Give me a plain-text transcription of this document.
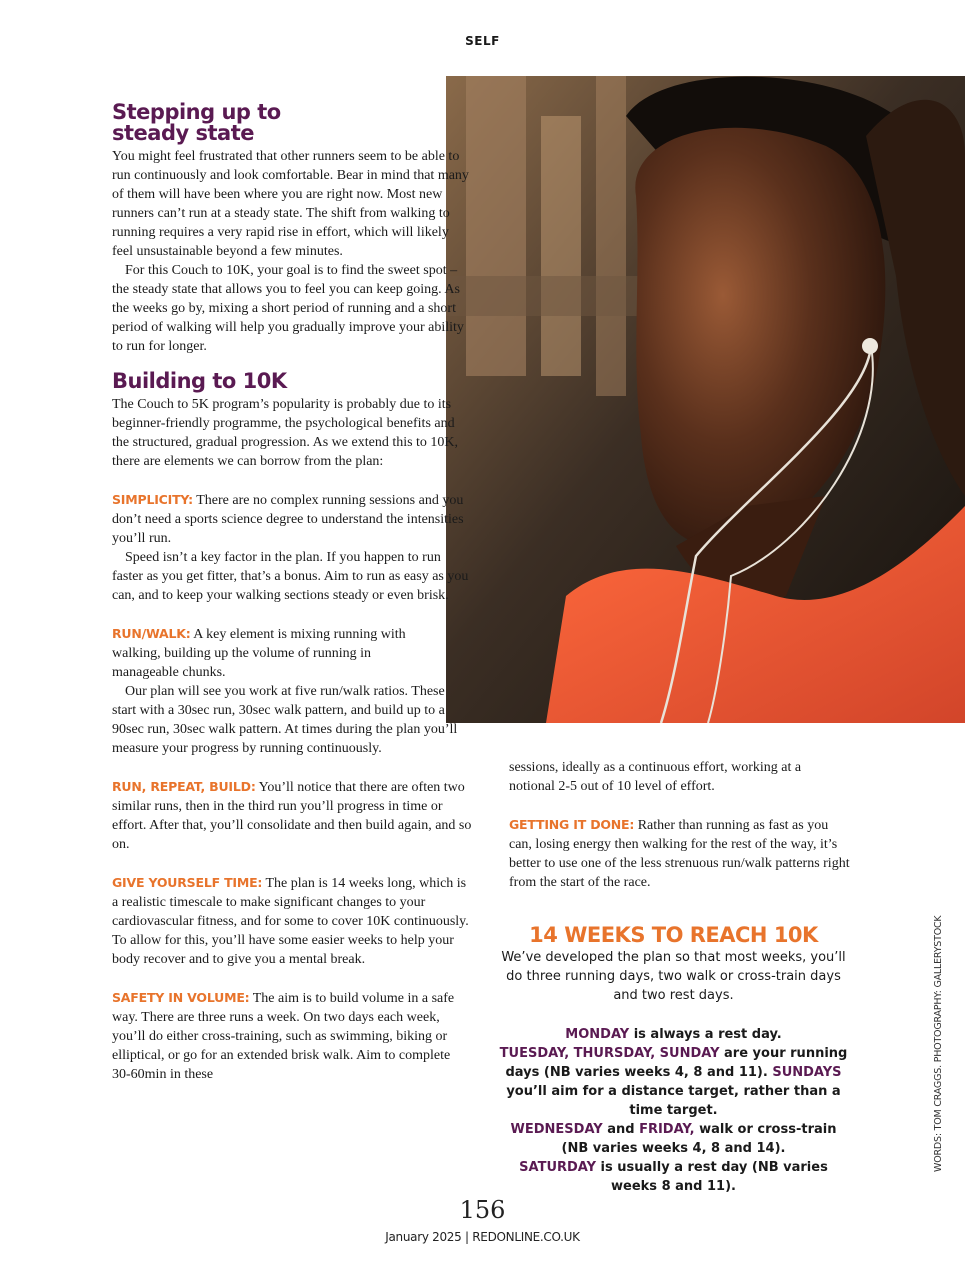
SELF
Stepping up to
steady state

You might feel frustrated that other runners seem to be able to run continuously and look comfortable. Bear in mind that many of them will have been where you are right now. Most new runners can’t run at a steady state. The shift from walking to running requires a very rapid rise in effort, which will likely feel unsustainable beyond a few minutes.

For this Couch to 10K, your goal is to find the sweet spot – the steady state that allows you to feel you can keep going. As the weeks go by, mixing a short period of running and a short period of walking will help you gradually improve your ability to run for longer.

Building to 10K

The Couch to 5K program’s popularity is probably due to its beginner-friendly programme, the psychological benefits and the structured, gradual progression. As we extend this to 10K, there are elements we can borrow from the plan:

SIMPLICITY: There are no complex running sessions and you don’t need a sports science degree to understand the intensities you’ll run.

Speed isn’t a key factor in the plan. If you happen to run faster as you get fitter, that’s a bonus. Aim to run as easy as you can, and to keep your walking sections steady or even brisk.

RUN/WALK: A key element is mixing running with walking, building up the volume of running in manageable chunks.

Our plan will see you work at five run/walk ratios. These start with a 30sec run, 30sec walk pattern, and build up to a 90sec run, 30sec walk pattern. At times during the plan you’ll measure your progress by running continuously.

RUN, REPEAT, BUILD: You’ll notice that there are often two similar runs, then in the third run you’ll progress in time or effort. After that, you’ll consolidate and then build again, and so on.

GIVE YOURSELF TIME: The plan is 14 weeks long, which is a realistic timescale to make significant changes to your cardiovascular fitness, and for some to cover 10K continuously. To allow for this, you’ll have some easier weeks to help your body recover and to give you a mental break.

SAFETY IN VOLUME: The aim is to build volume in a safe way. There are three runs a week. On two days each week, you’ll do either cross-training, such as swimming, biking or elliptical, or go for an extended brisk walk. Aim to complete 30-60min in these

sessions, ideally as a continuous effort, working at a notional 2-5 out of 10 level of effort.

GETTING IT DONE: Rather than running as fast as you can, losing energy then walking for the rest of the way, it’s better to use one of the less strenuous run/walk patterns right from the start of the race.

14 WEEKS TO REACH 10K

We’ve developed the plan so that most weeks, you’ll do three running days, two walk or cross-train days and two rest days.

MONDAY is always a rest day.
TUESDAY, THURSDAY, SUNDAY are your running days (NB varies weeks 4, 8 and 11). SUNDAYS you’ll aim for a distance target, rather than a time target.
WEDNESDAY and FRIDAY, walk or cross-train (NB varies weeks 4, 8 and 14).
SATURDAY is usually a rest day (NB varies weeks 8 and 11).
WORDS: TOM CRAGGS. PHOTOGRAPHY: GALLERYSTOCK
156
January 2025 | REDONLINE.CO.UK
